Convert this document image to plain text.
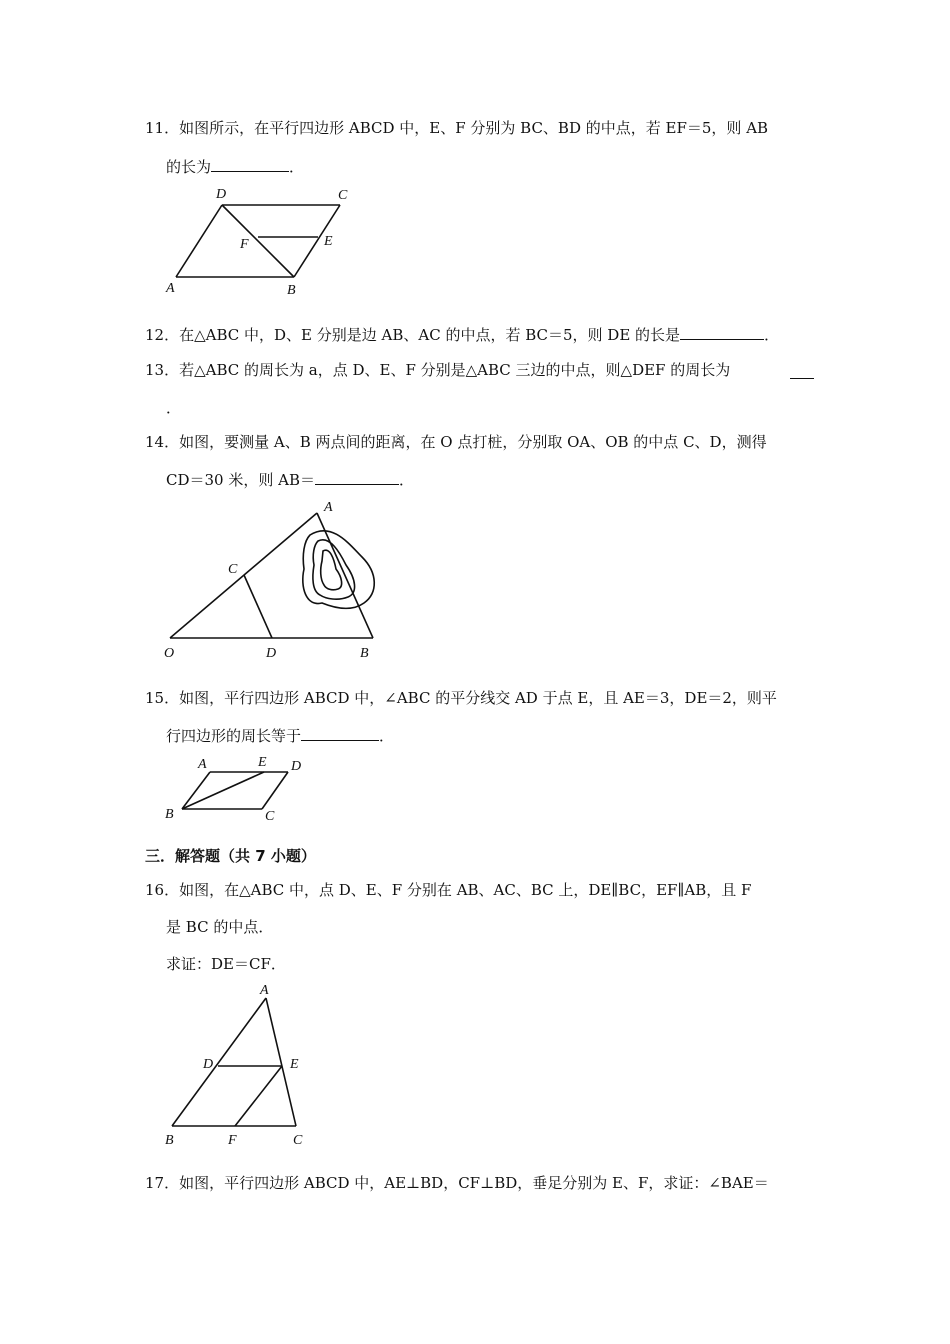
11．如图所示，在平行四边形 ABCD 中，E、F 分别为 BC、BD 的中点，若 EF＝5，则 AB
的长为	．
D	C
F	E
A	B
12．在△ABC 中，D、E 分别是边 AB、AC 的中点，若 BC＝5，则 DE 的长是	．
13．若△ABC 的周长为 a，点 D、E、F 分别是△ABC 三边的中点，则△DEF 的周长为
．
14．如图，要测量 A、B 两点间的距离，在 O 点打桩，分别取 OA、OB 的中点 C、D，测得
CD＝30 米，则 AB＝	．
A
C
O	D	B
15．如图，平行四边形 ABCD 中，∠ABC 的平分线交 AD 于点 E，且 AE＝3，DE＝2，则平
行四边形的周长等于	．
A	E D
B	C
三．解答题（共 7 小题）
16．如图，在△ABC 中，点 D、E、F 分别在 AB、AC、BC 上，DE∥BC，EF∥AB，且 F
是 BC 的中点．
求证：DE＝CF．
A
D	E
B	F	C
17．如图，平行四边形 ABCD 中，AE⊥BD，CF⊥BD，垂足分别为 E、F，求证：∠BAE＝
